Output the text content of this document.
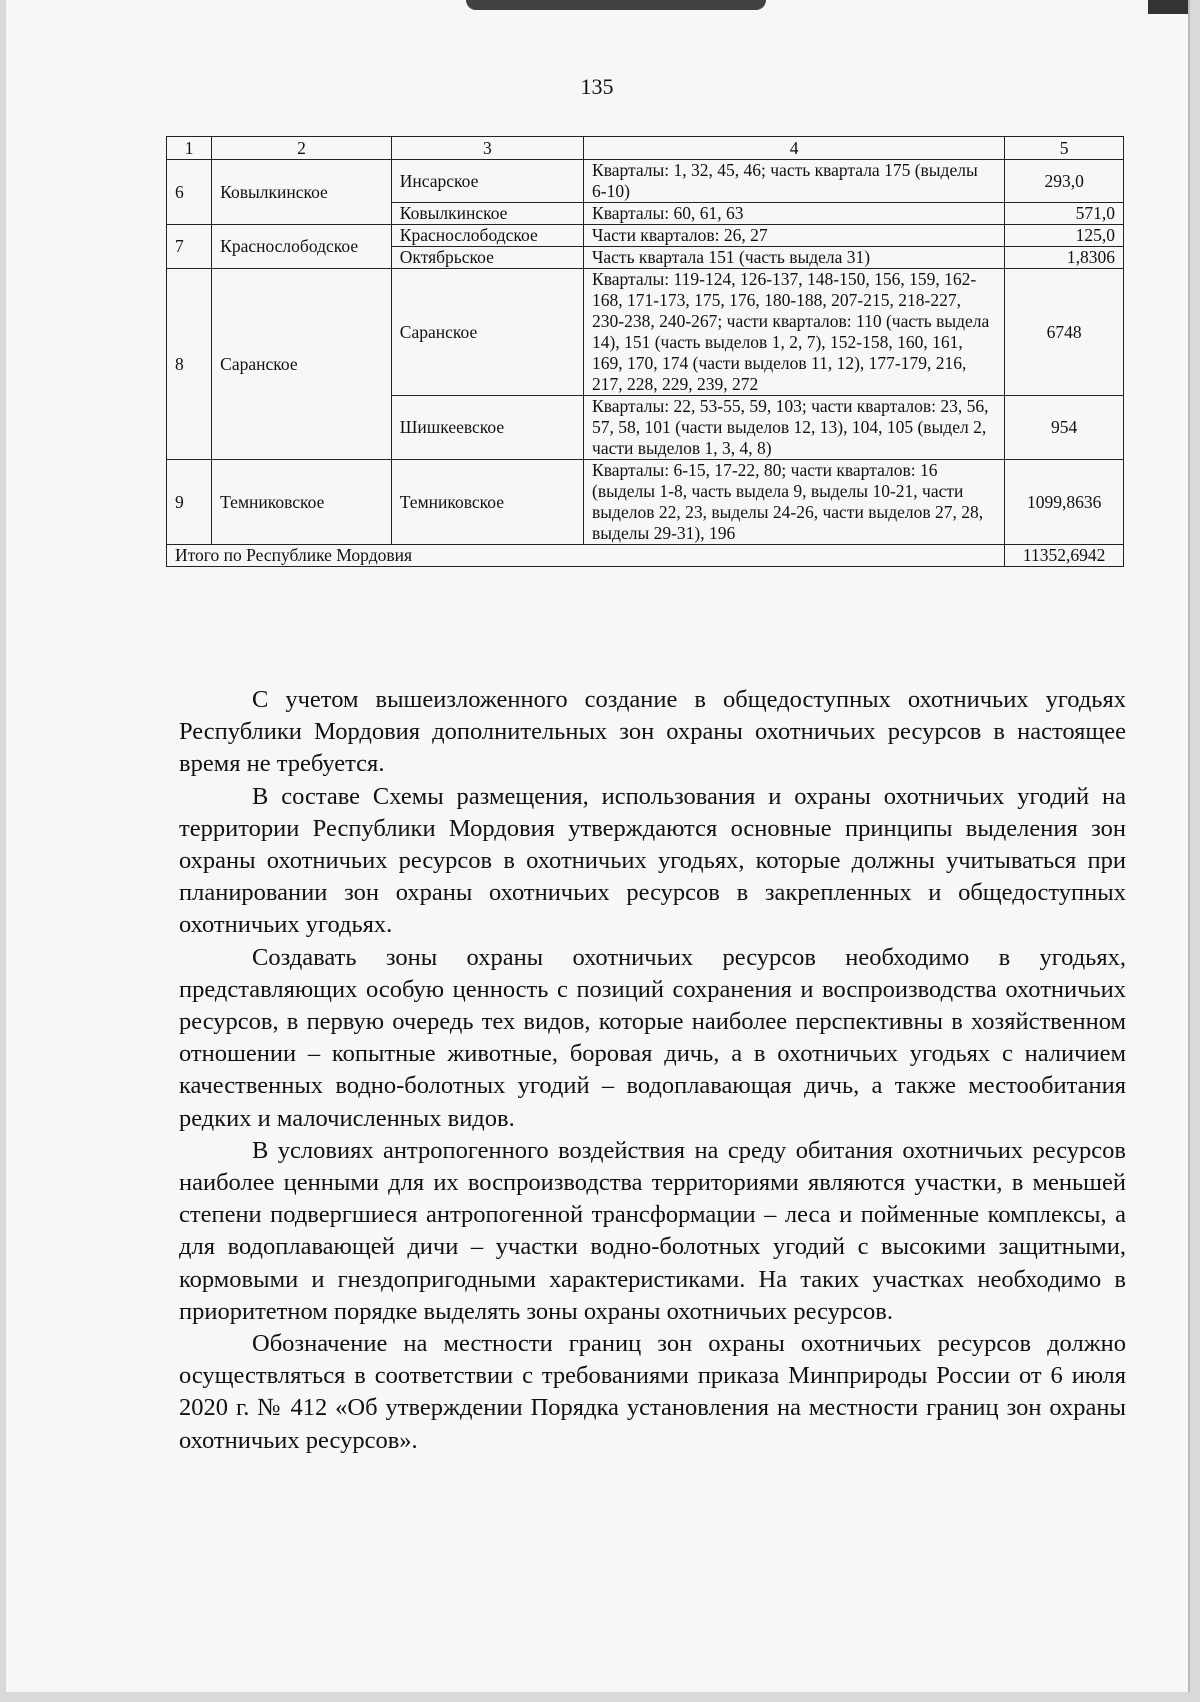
135
1	2	3	4	5
6	Ковылкинское	Инсарское	Кварталы: 1, 32, 45, 46; часть квартала 175 (выделы 6-10)	293,0
		Ковылкинское	Кварталы: 60, 61, 63	571,0
7	Краснослободское	Краснослободское	Части кварталов: 26, 27	125,0
		Октябрьское	Часть квартала 151 (часть выдела 31)	1,8306
8	Саранское	Саранское	Кварталы: 119-124, 126-137, 148-150, 156, 159, 162-168, 171-173, 175, 176, 180-188, 207-215, 218-227, 230-238, 240-267; части кварталов: 110 (часть выдела 14), 151 (часть выделов 1, 2, 7), 152-158, 160, 161, 169, 170, 174 (части выделов 11, 12), 177-179, 216, 217, 228, 229, 239, 272	6748
		Шишкеевское	Кварталы: 22, 53-55, 59, 103; части кварталов: 23, 56, 57, 58, 101 (части выделов 12, 13), 104, 105 (выдел 2, части выделов 1, 3, 4, 8)	954
9	Темниковское	Темниковское	Кварталы: 6-15, 17-22, 80; части кварталов: 16 (выделы 1-8, часть выдела 9, выделы 10-21, части выделов 22, 23, выделы 24-26, части выделов 27, 28, выделы 29-31), 196	1099,8636
Итого по Республике Мордовия				11352,6942

С учетом вышеизложенного создание в общедоступных охотничьих угодьях Республики Мордовия дополнительных зон охраны охотничьих ресурсов в настоящее время не требуется.

В составе Схемы размещения, использования и охраны охотничьих угодий на территории Республики Мордовия утверждаются основные принципы выделения зон охраны охотничьих ресурсов в охотничьих угодьях, которые должны учитываться при планировании зон охраны охотничьих ресурсов в закрепленных и общедоступных охотничьих угодьях.

Создавать зоны охраны охотничьих ресурсов необходимо в угодьях, представляющих особую ценность с позиций сохранения и воспроизводства охотничьих ресурсов, в первую очередь тех видов, которые наиболее перспективны в хозяйственном отношении – копытные животные, боровая дичь, а в охотничьих угодьях с наличием качественных водно-болотных угодий – водоплавающая дичь, а также местообитания редких и малочисленных видов.

В условиях антропогенного воздействия на среду обитания охотничьих ресурсов наиболее ценными для их воспроизводства территориями являются участки, в меньшей степени подвергшиеся антропогенной трансформации – леса и пойменные комплексы, а для водоплавающей дичи – участки водно-болотных угодий с высокими защитными, кормовыми и гнездопригодными характеристиками. На таких участках необходимо в приоритетном порядке выделять зоны охраны охотничьих ресурсов.

Обозначение на местности границ зон охраны охотничьих ресурсов должно осуществляться в соответствии с требованиями приказа Минприроды России от 6 июля 2020 г. № 412 «Об утверждении Порядка установления на местности границ зон охраны охотничьих ресурсов».
